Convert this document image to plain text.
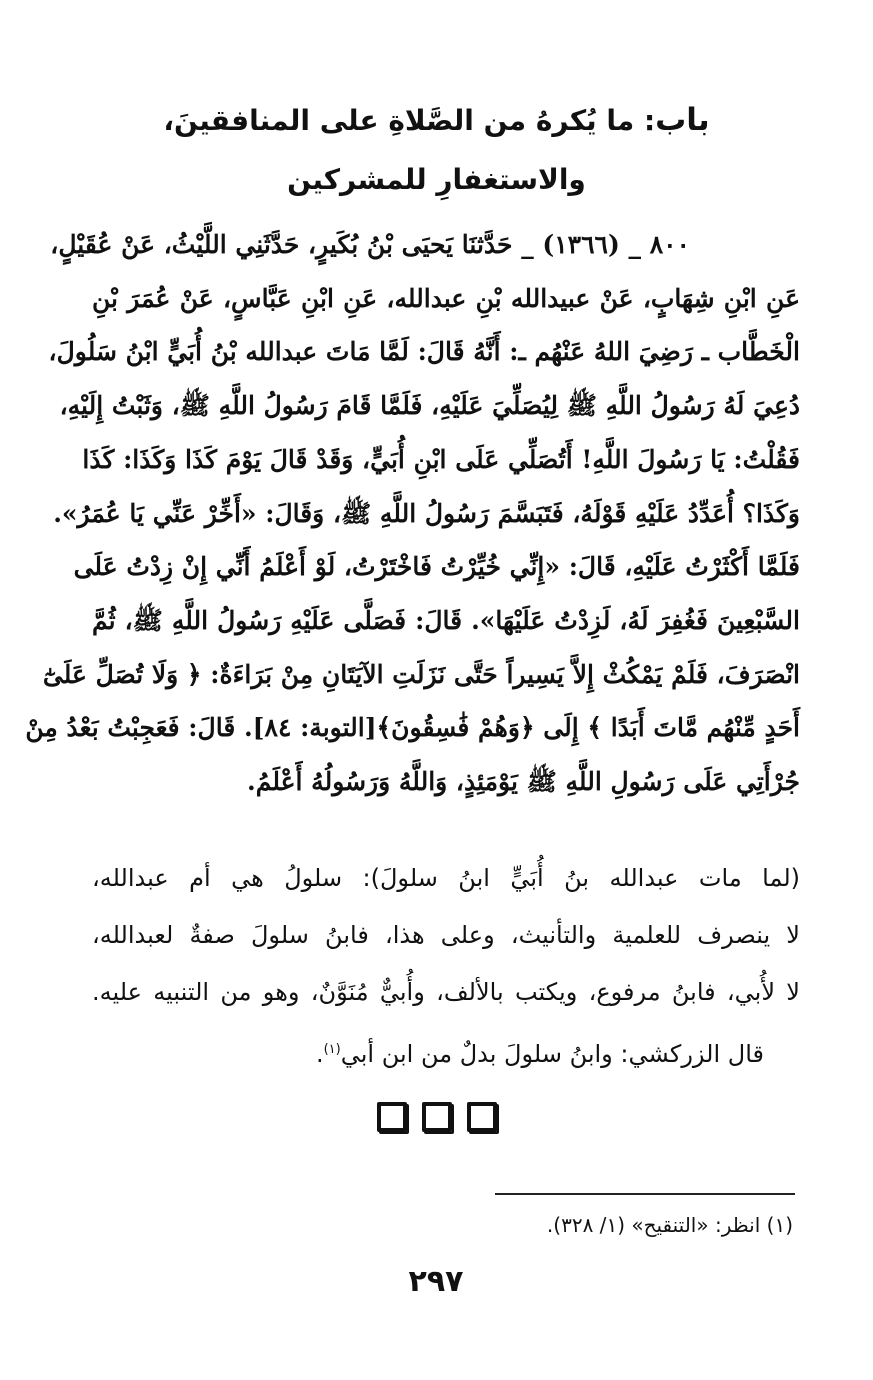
باب: ما يُكرهُ من الصَّلاةِ على المنافقينَ،
والاستغفارِ للمشركين
٨٠٠ _ (١٣٦٦) _ حَدَّثنَا يَحيَى بْنُ بُكَيرٍ، حَدَّثَنِي اللَّيْثُ، عَنْ عُقَيْلٍ،
عَنِ ابْنِ شِهَابٍ، عَنْ عبيدالله بْنِ عبدالله، عَنِ ابْنِ عَبَّاسٍ، عَنْ عُمَرَ بْنِ
الْخَطَّاب ـ رَضِيَ اللهُ عَنْهُم ـ: أَنَّهُ قَالَ: لَمَّا مَاتَ عبدالله بْنُ أُبَيٍّ ابْنُ سَلُولَ،
دُعِيَ لَهُ رَسُولُ اللَّهِ ﷺ لِيُصَلِّيَ عَلَيْهِ، فَلَمَّا قَامَ رَسُولُ اللَّهِ ﷺ، وَثَبْتُ إِلَيْهِ،
فَقُلْتُ: يَا رَسُولَ اللَّهِ! أَتُصَلِّي عَلَى ابْنِ أُبَيٍّ، وَقَدْ قَالَ يَوْمَ كَذَا وَكَذَا: كَذَا
وَكَذَا؟ أُعَدِّدُ عَلَيْهِ قَوْلَهُ، فَتَبَسَّمَ رَسُولُ اللَّهِ ﷺ، وَقَالَ: «أَخِّرْ عَنِّي يَا عُمَرُ».
فَلَمَّا أَكْثَرْتُ عَلَيْهِ، قَالَ: «إِنِّي خُيِّرْتُ فَاخْتَرْتُ، لَوْ أَعْلَمُ أَنِّي إِنْ زِدْتُ عَلَى
السَّبْعِينَ فَغُفِرَ لَهُ، لَزِدْتُ عَلَيْهَا». قَالَ: فَصَلَّى عَلَيْهِ رَسُولُ اللَّهِ ﷺ، ثُمَّ
انْصَرَفَ، فَلَمْ يَمْكُثْ إِلاَّ يَسِيراً حَتَّى نَزَلَتِ الآيَتَانِ مِنْ بَرَاءَةٌ: ﴿ وَلَا تُصَلِّ عَلَىٰٓ
أَحَدٍ مِّنْهُم مَّاتَ أَبَدًا ﴾ إِلَى ﴿وَهُمْ فَٰسِقُونَ﴾[التوبة: ٨٤]. قَالَ: فَعَجِبْتُ بَعْدُ مِنْ
جُرْأَتِي عَلَى رَسُولِ اللَّهِ ﷺ يَوْمَئِذٍ، وَاللَّهُ وَرَسُولُهُ أَعْلَمُ.
(لما مات عبدالله بنُ أُبَيٍّ ابنُ سلولَ): سلولُ هي أم عبدالله،
لا ينصرف للعلمية والتأنيث، وعلى هذا، فابنُ سلولَ صفةٌ لعبدالله،
لا لأُبي، فابنُ مرفوع، ويكتب بالألف، وأُبيٌّ مُنَوَّنٌ، وهو من التنبيه عليه.
قال الزركشي: وابنُ سلولَ بدلٌ من ابن أبي$^{(١)}$.
(١) انظر: «التنقيح» (١/ ٣٢٨).
٢٩٧
